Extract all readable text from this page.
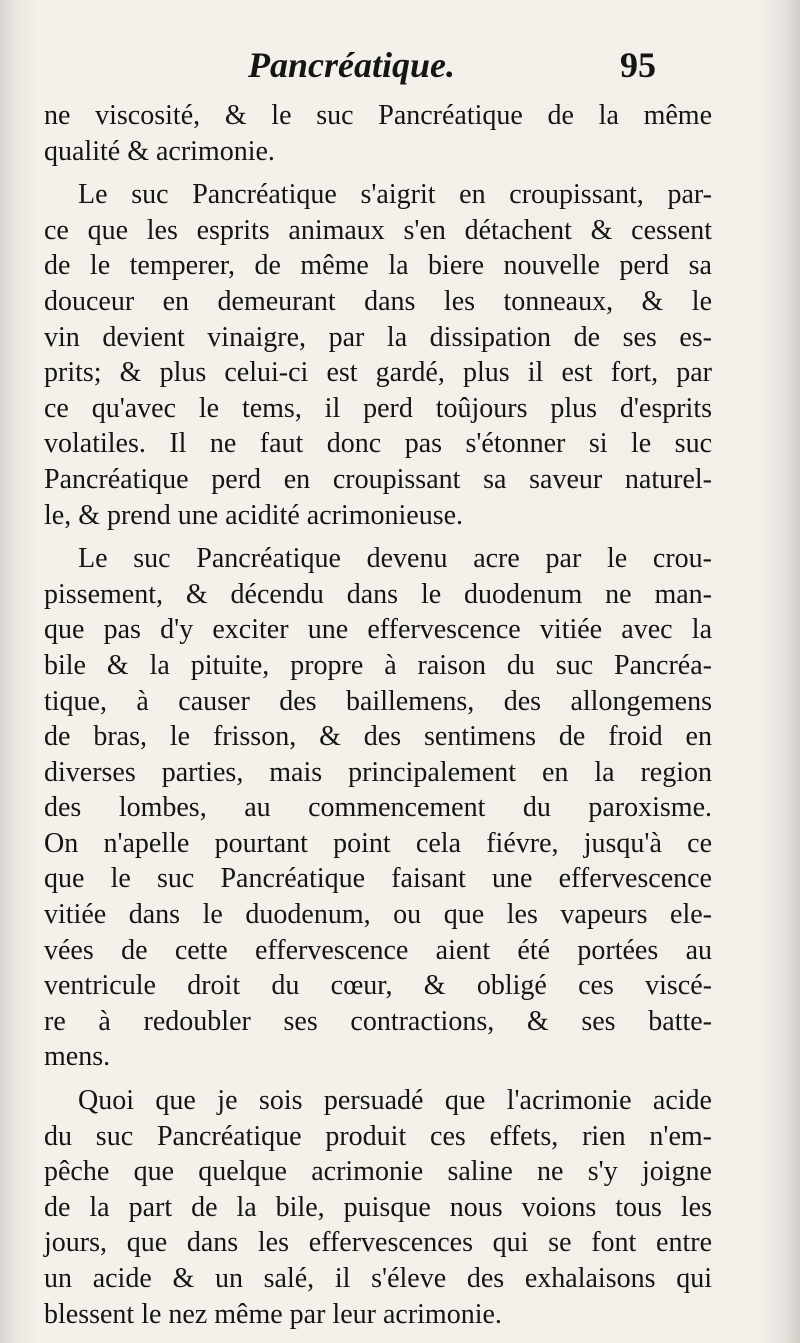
Pancréatique.	95
ne viscosité, & le suc Pancréatique de la même
qualité & acrimonie.
Le suc Pancréatique s'aigrit en croupissant, par-
ce que les esprits animaux s'en détachent & cessent
de le temperer, de même la biere nouvelle perd sa
douceur en demeurant dans les tonneaux, & le
vin devient vinaigre, par la dissipation de ses es-
prits; & plus celui-ci est gardé, plus il est fort, par
ce qu'avec le tems, il perd toûjours plus d'esprits
volatiles. Il ne faut donc pas s'étonner si le suc
Pancréatique perd en croupissant sa saveur naturel-
le, & prend une acidité acrimonieuse.
Le suc Pancréatique devenu acre par le crou-
pissement, & décendu dans le duodenum ne man-
que pas d'y exciter une effervescence vitiée avec la
bile & la pituite, propre à raison du suc Pancréa-
tique, à causer des baillemens, des allongemens
de bras, le frisson, & des sentimens de froid en
diverses parties, mais principalement en la region
des lombes, au commencement du paroxisme.
On n'apelle pourtant point cela fiévre, jusqu'à ce
que le suc Pancréatique faisant une effervescence
vitiée dans le duodenum, ou que les vapeurs ele-
vées de cette effervescence aient été portées au
ventricule droit du cœur, & obligé ces viscé-
re à redoubler ses contractions, & ses batte-
mens.
Quoi que je sois persuadé que l'acrimonie acide
du suc Pancréatique produit ces effets, rien n'em-
pêche que quelque acrimonie saline ne s'y joigne
de la part de la bile, puisque nous voions tous les
jours, que dans les effervescences qui se font entre
un acide & un salé, il s'éleve des exhalaisons qui
blessent le nez même par leur acrimonie.
